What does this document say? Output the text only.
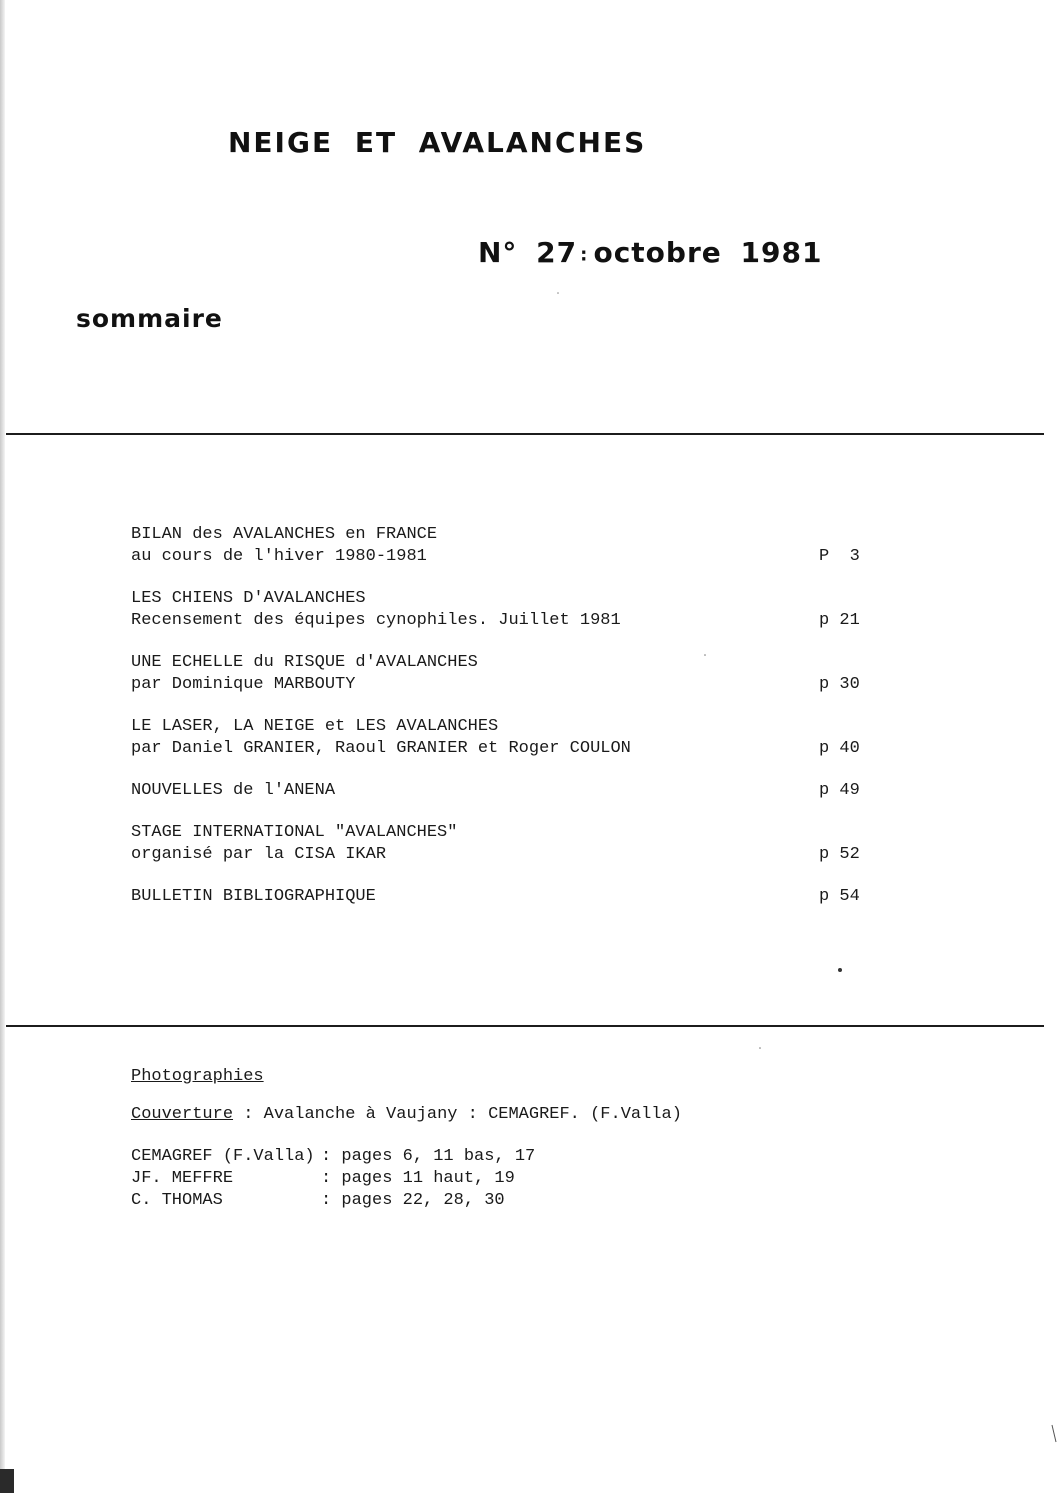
NEIGE ET AVALANCHES
N° 27 ∶ octobre 1981
sommaire
BILAN des AVALANCHES en FRANCE
au cours de l'hiver 1980-1981	P  3
LES CHIENS D'AVALANCHES
Recensement des équipes cynophiles. Juillet 1981	p 21
UNE ECHELLE du RISQUE d'AVALANCHES
par Dominique MARBOUTY	p 30
LE LASER, LA NEIGE et LES AVALANCHES
par Daniel GRANIER, Raoul GRANIER et Roger COULON	p 40
NOUVELLES de l'ANENA	p 49
STAGE INTERNATIONAL "AVALANCHES"
organisé par la CISA IKAR	p 52
BULLETIN BIBLIOGRAPHIQUE	p 54
Photographies
Couverture : Avalanche à Vaujany : CEMAGREF. (F.Valla)
CEMAGREF (F.Valla)	: pages 6, 11 bas, 17
JF. MEFFRE	: pages 11 haut, 19
C. THOMAS	: pages 22, 28, 30
